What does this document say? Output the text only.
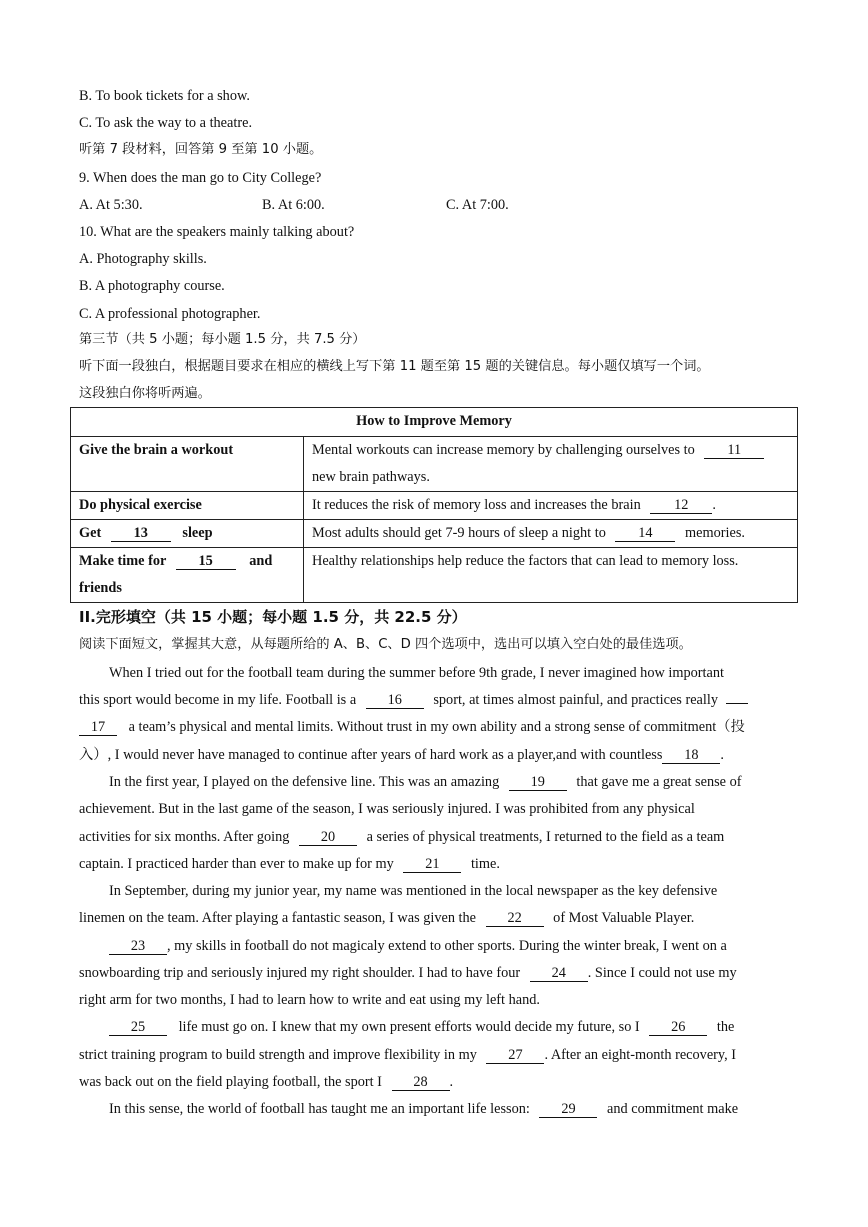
B. To book tickets for a show.
C. To ask the way to a theatre.
听第 7 段材料，回答第 9 至第 10 小题。
9. When does the man go to City College?
A. At 5:30.	B. At 6:00.	C. At 7:00.
10. What are the speakers mainly talking about?
A. Photography skills.
B. A photography course.
C. A professional photographer.
第三节（共 5 小题；每小题 1.5 分，共 7.5 分）
听下面一段独白，根据题目要求在相应的横线上写下第 11 题至第 15 题的关键信息。每小题仅填写一个词。
这段独白你将听两遍。
How to Improve Memory	
Give the brain a workout	Mental workouts can increase memory by challenging ourselves to 11
new brain pathways.
Do physical exercise	It reduces the risk of memory loss and increases the brain 12 .
Get 13 sleep	Most adults should get 7-9 hours of sleep a night to 14 memories.
Make time for 15 and
friends	Healthy relationships help reduce the factors that can lead to memory loss.
II.完形填空（共 15 小题；每小题 1.5 分，共 22.5 分）
阅读下面短文，掌握其大意，从每题所给的 A、B、C、D 四个选项中，选出可以填入空白处的最佳选项。
When I tried out for the football team during the summer before 9th grade, I never imagined how important
this sport would become in my life. Football is a 16 sport, at times almost painful, and practices really
17 a team’s physical and mental limits. Without trust in my own ability and a strong sense of commitment（投
入）, I would never have managed to continue after years of hard work as a player,and with countless 18 .
In the first year, I played on the defensive line. This was an amazing 19 that gave me a great sense of
achievement. But in the last game of the season, I was seriously injured. I was prohibited from any physical
activities for six months. After going 20 a series of physical treatments, I returned to the field as a team
captain. I practiced harder than ever to make up for my 21 time.
In September, during my junior year, my name was mentioned in the local newspaper as the key defensive
linemen on the team. After playing a fantastic season, I was given the 22 of Most Valuable Player.
23 , my skills in football do not magicaly extend to other sports. During the winter break, I went on a
snowboarding trip and seriously injured my right shoulder. I had to have four 24 . Since I could not use my
right arm for two months, I had to learn how to write and eat using my left hand.
25 life must go on. I knew that my own present efforts would decide my future, so I 26 the
strict training program to build strength and improve flexibility in my 27 . After an eight-month recovery, I
was back out on the field playing football, the sport I 28 .
In this sense, the world of football has taught me an important life lesson: 29 and commitment make
